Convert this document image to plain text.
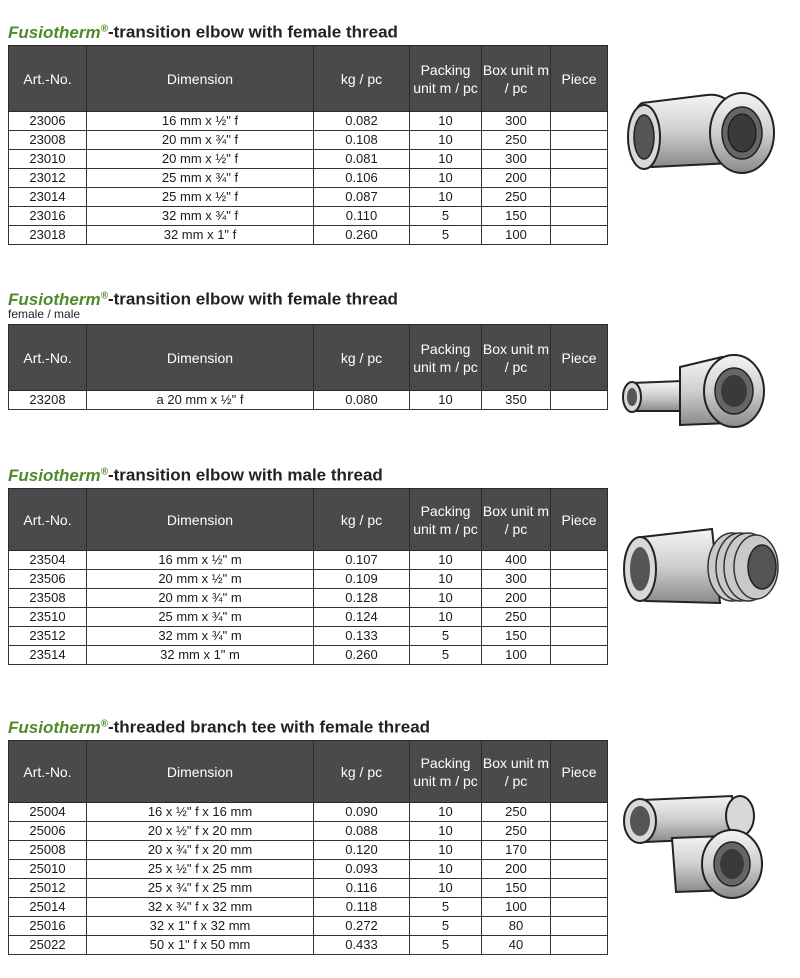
Fusiotherm®-transition elbow with female thread
Art.-No.	Dimension	kg / pc	Packing unit m / pc	Box unit m / pc	Piece
23006	16 mm x ½" f	0.082	10	300	
23008	20 mm x ¾" f	0.108	10	250	
23010	20 mm x ½" f	0.081	10	300	
23012	25 mm x ¾" f	0.106	10	200	
23014	25 mm x ½" f	0.087	10	250	
23016	32 mm x ¾" f	0.110	5	150	
23018	32 mm x 1" f	0.260	5	100	
Fusiotherm®-transition elbow with female thread
female / male
Art.-No.	Dimension	kg / pc	Packing unit m / pc	Box unit m / pc	Piece
23208	a 20 mm x ½" f	0.080	10	350	
Fusiotherm®-transition elbow with male thread
Art.-No.	Dimension	kg / pc	Packing unit m / pc	Box unit m / pc	Piece
23504	16 mm x ½" m	0.107	10	400	
23506	20 mm x ½" m	0.109	10	300	
23508	20 mm x ¾" m	0.128	10	200	
23510	25 mm x ¾" m	0.124	10	250	
23512	32 mm x ¾" m	0.133	5	150	
23514	32 mm x 1" m	0.260	5	100	
Fusiotherm®-threaded branch tee with female thread
Art.-No.	Dimension	kg / pc	Packing unit m / pc	Box unit m / pc	Piece
25004	16 x ½" f x 16 mm	0.090	10	250	
25006	20 x ½" f x 20 mm	0.088	10	250	
25008	20 x ¾" f x 20 mm	0.120	10	170	
25010	25 x ½" f x 25 mm	0.093	10	200	
25012	25 x ¾" f x 25 mm	0.116	10	150	
25014	32 x ¾" f x 32 mm	0.118	5	100	
25016	32 x 1" f x 32 mm	0.272	5	80	
25022	50 x 1" f x 50 mm	0.433	5	40	
